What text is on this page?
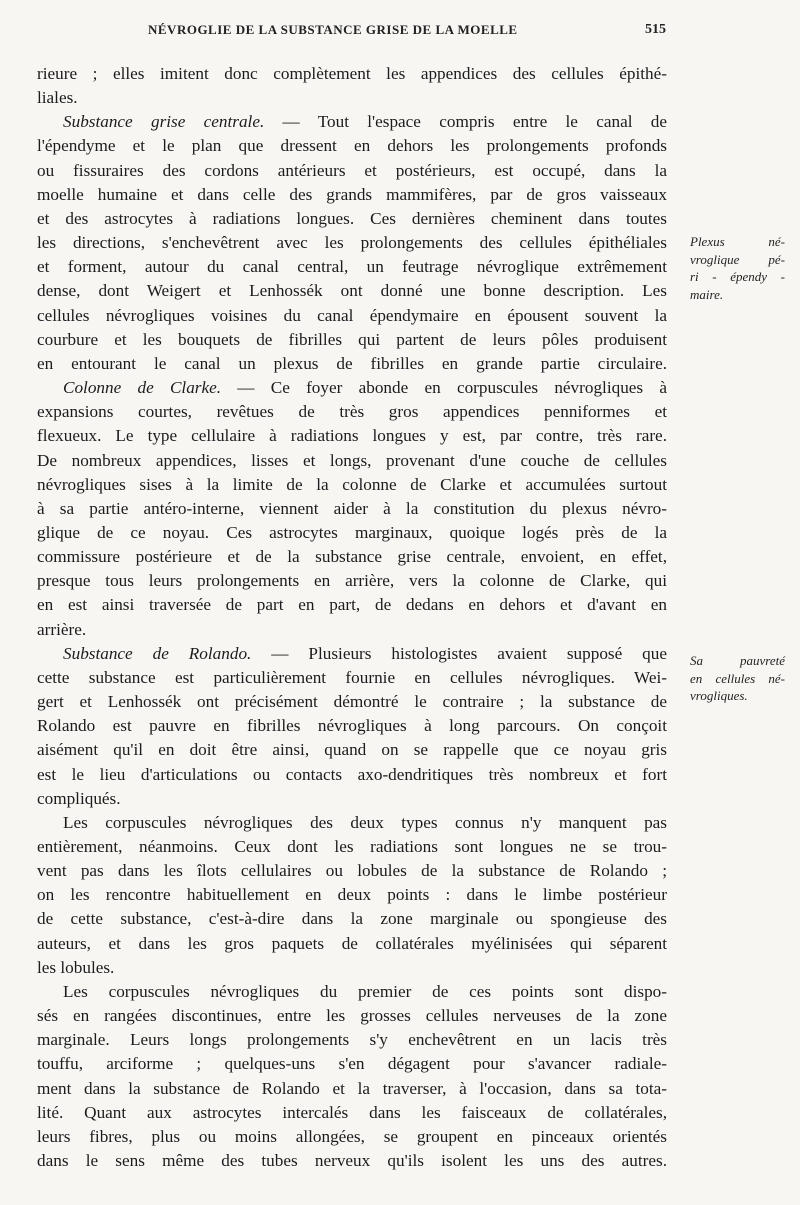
NÉVROGLIE DE LA SUBSTANCE GRISE DE LA MOELLE	515
rieure ; elles imitent donc complètement les appendices des cellules épithé-
liales.
Substance grise centrale. — Tout l'espace compris entre le canal de
l'épendyme et le plan que dressent en dehors les prolongements profonds
ou fissuraires des cordons antérieurs et postérieurs, est occupé, dans la
moelle humaine et dans celle des grands mammifères, par de gros vaisseaux
et des astrocytes à radiations longues. Ces dernières cheminent dans toutes
les directions, s'enchevêtrent avec les prolongements des cellules épithéliales
et forment, autour du canal central, un feutrage névroglique extrêmement
dense, dont Weigert et Lenhossék ont donné une bonne description. Les
cellules névrogliques voisines du canal épendymaire en épousent souvent la
courbure et les bouquets de fibrilles qui partent de leurs pôles produisent
en entourant le canal un plexus de fibrilles en grande partie circulaire.
Colonne de Clarke. — Ce foyer abonde en corpuscules névrogliques à
expansions courtes, revêtues de très gros appendices penniformes et
flexueux. Le type cellulaire à radiations longues y est, par contre, très rare.
De nombreux appendices, lisses et longs, provenant d'une couche de cellules
névrogliques sises à la limite de la colonne de Clarke et accumulées surtout
à sa partie antéro-interne, viennent aider à la constitution du plexus névro-
glique de ce noyau. Ces astrocytes marginaux, quoique logés près de la
commissure postérieure et de la substance grise centrale, envoient, en effet,
presque tous leurs prolongements en arrière, vers la colonne de Clarke, qui
en est ainsi traversée de part en part, de dedans en dehors et d'avant en
arrière.
Substance de Rolando. — Plusieurs histologistes avaient supposé que
cette substance est particulièrement fournie en cellules névrogliques. Wei-
gert et Lenhossék ont précisément démontré le contraire ; la substance de
Rolando est pauvre en fibrilles névrogliques à long parcours. On conçoit
aisément qu'il en doit être ainsi, quand on se rappelle que ce noyau gris
est le lieu d'articulations ou contacts axo-dendritiques très nombreux et fort
compliqués.
Les corpuscules névrogliques des deux types connus n'y manquent pas
entièrement, néanmoins. Ceux dont les radiations sont longues ne se trou-
vent pas dans les îlots cellulaires ou lobules de la substance de Rolando ;
on les rencontre habituellement en deux points : dans le limbe postérieur
de cette substance, c'est-à-dire dans la zone marginale ou spongieuse des
auteurs, et dans les gros paquets de collatérales myélinisées qui séparent
les lobules.
Les corpuscules névrogliques du premier de ces points sont dispo-
sés en rangées discontinues, entre les grosses cellules nerveuses de la zone
marginale. Leurs longs prolongements s'y enchevêtrent en un lacis très
touffu, arciforme ; quelques-uns s'en dégagent pour s'avancer radiale-
ment dans la substance de Rolando et la traverser, à l'occasion, dans sa tota-
lité. Quant aux astrocytes intercalés dans les faisceaux de collatérales,
leurs fibres, plus ou moins allongées, se groupent en pinceaux orientés
dans le sens même des tubes nerveux qu'ils isolent les uns des autres.
Plexus né-
vroglique pé-
ri - épendy -
maire.
Sa pauvreté
en cellules né-
vrogliques.
